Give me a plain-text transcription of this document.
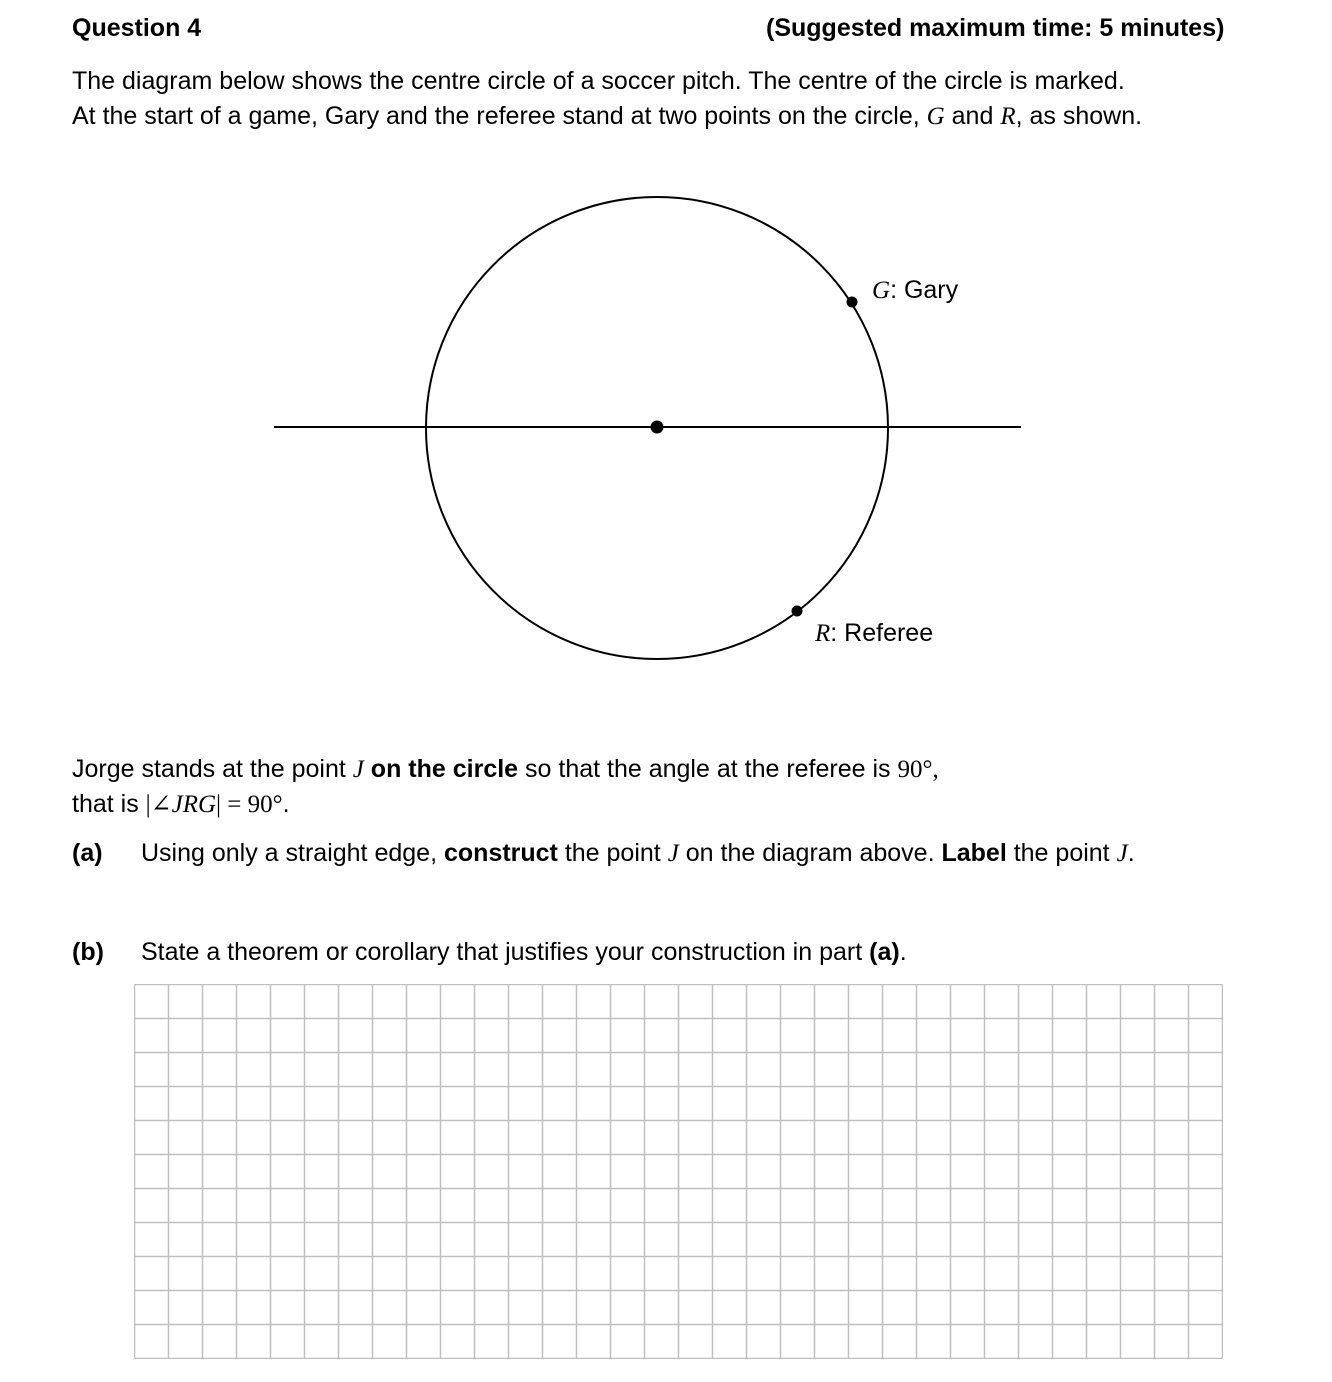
Question 4	(Suggested maximum time: 5 minutes)
The diagram below shows the centre circle of a soccer pitch. The centre of the circle is marked.
At the start of a game, Gary and the referee stand at two points on the circle, G and R, as shown.
G: Gary
R: Referee
Jorge stands at the point J on the circle so that the angle at the referee is 90°,
that is |∠JRG| = 90°.
(a) Using only a straight edge, construct the point J on the diagram above. Label the point J.
(b) State a theorem or corollary that justifies your construction in part (a).
